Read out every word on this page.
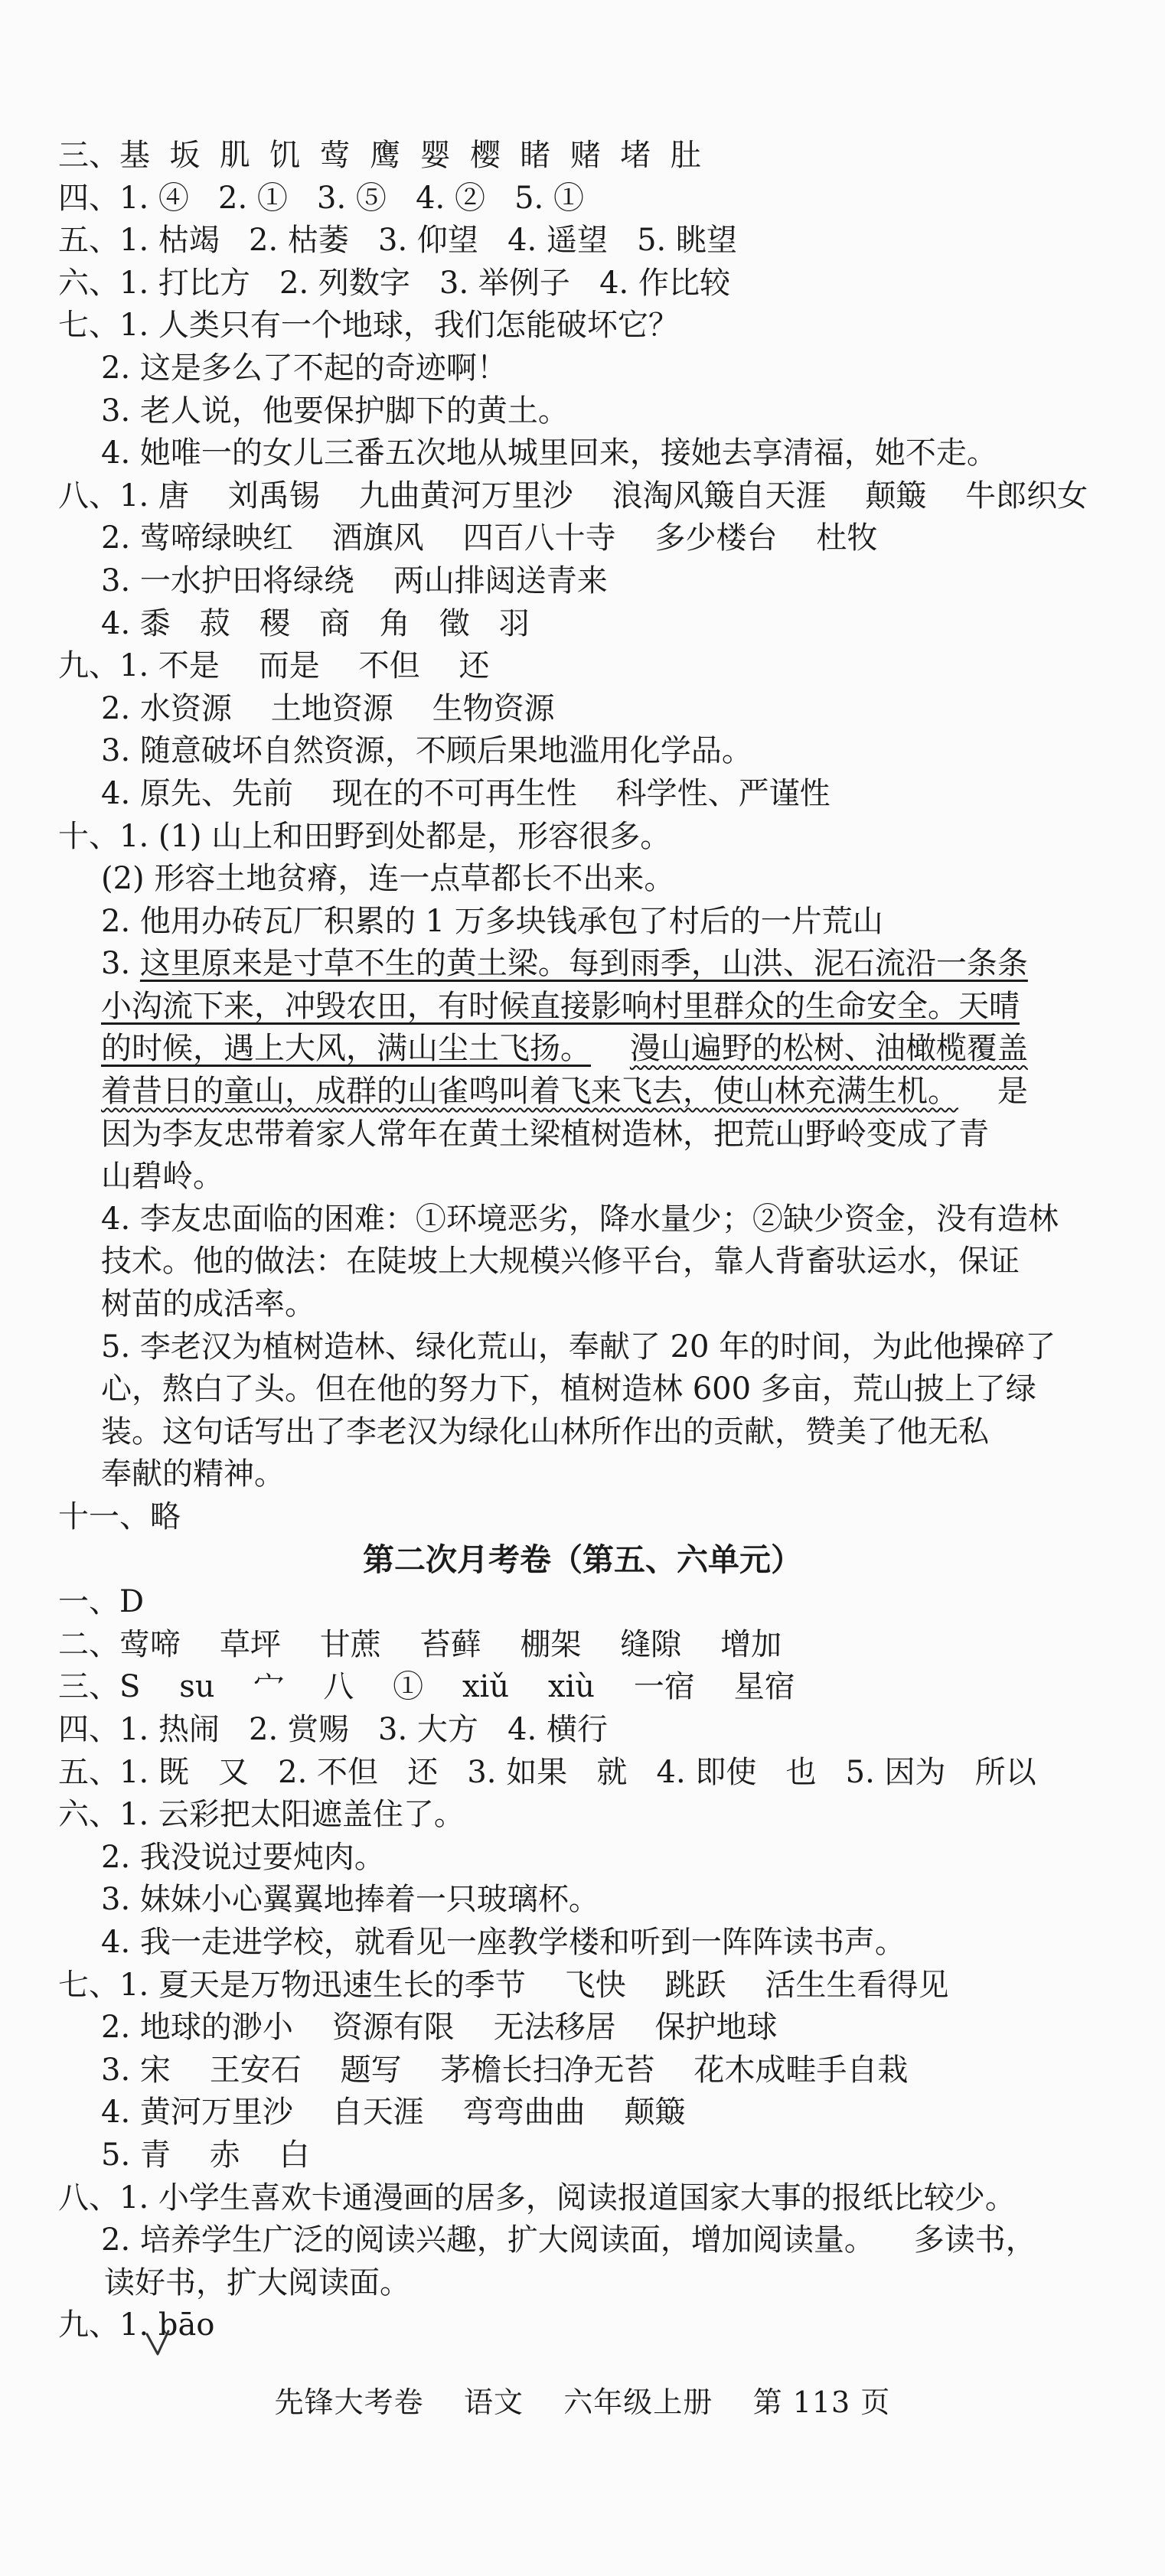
三、基  坂  肌  饥  莺  鹰  婴  樱  睹  赌  堵  肚
四、1. ④   2. ①   3. ⑤   4. ②   5. ①
五、1. 枯竭   2. 枯萎   3. 仰望   4. 遥望   5. 眺望
六、1. 打比方   2. 列数字   3. 举例子   4. 作比较
七、1. 人类只有一个地球，我们怎能破坏它？
2. 这是多么了不起的奇迹啊！
3. 老人说，他要保护脚下的黄土。
4. 她唯一的女儿三番五次地从城里回来，接她去享清福，她不走。
八、1. 唐    刘禹锡    九曲黄河万里沙    浪淘风簸自天涯    颠簸    牛郎织女
2. 莺啼绿映红    酒旗风    四百八十寺    多少楼台    杜牧
3. 一水护田将绿绕    两山排闼送青来
4. 黍   菽   稷   商   角   徵   羽
九、1. 不是    而是    不但    还
2. 水资源    土地资源    生物资源
3. 随意破坏自然资源，不顾后果地滥用化学品。
4. 原先、先前    现在的不可再生性    科学性、严谨性
十、1. (1) 山上和田野到处都是，形容很多。
(2) 形容土地贫瘠，连一点草都长不出来。
2. 他用办砖瓦厂积累的 1 万多块钱承包了村后的一片荒山
3. 这里原来是寸草不生的黄土梁。每到雨季，山洪、泥石流沿一条条
小沟流下来，冲毁农田，有时候直接影响村里群众的生命安全。天晴
的时候，遇上大风，满山尘土飞扬。 漫山遍野的松树、油橄榄覆盖
着昔日的童山，成群的山雀鸣叫着飞来飞去，使山林充满生机。    是
因为李友忠带着家人常年在黄土梁植树造林，把荒山野岭变成了青
山碧岭。
4. 李友忠面临的困难：①环境恶劣，降水量少；②缺少资金，没有造林
技术。他的做法：在陡坡上大规模兴修平台，靠人背畜驮运水，保证
树苗的成活率。
5. 李老汉为植树造林、绿化荒山，奉献了 20 年的时间，为此他操碎了
心，熬白了头。但在他的努力下，植树造林 600 多亩，荒山披上了绿
装。这句话写出了李老汉为绿化山林所作出的贡献，赞美了他无私
奉献的精神。
十一、略
第二次月考卷（第五、六单元）
一、D
二、莺啼    草坪    甘蔗    苔藓    棚架    缝隙    增加
三、S    su    宀    八    ①    xiǔ    xiù    一宿    星宿
四、1. 热闹   2. 赏赐   3. 大方   4. 横行
五、1. 既   又   2. 不但   还   3. 如果   就   4. 即使   也   5. 因为   所以
六、1. 云彩把太阳遮盖住了。
2. 我没说过要炖肉。
3. 妹妹小心翼翼地捧着一只玻璃杯。
4. 我一走进学校，就看见一座教学楼和听到一阵阵读书声。
七、1. 夏天是万物迅速生长的季节    飞快    跳跃    活生生看得见
2. 地球的渺小    资源有限    无法移居    保护地球
3. 宋    王安石    题写    茅檐长扫净无苔    花木成畦手自栽
4. 黄河万里沙    自天涯    弯弯曲曲    颠簸
5. 青    赤    白
八、1. 小学生喜欢卡通漫画的居多，阅读报道国家大事的报纸比较少。
2. 培养学生广泛的阅读兴趣，扩大阅读面，增加阅读量。    多读书，
读好书，扩大阅读面。
九、1. bāo
先锋大考卷    语文    六年级上册    第 113 页
